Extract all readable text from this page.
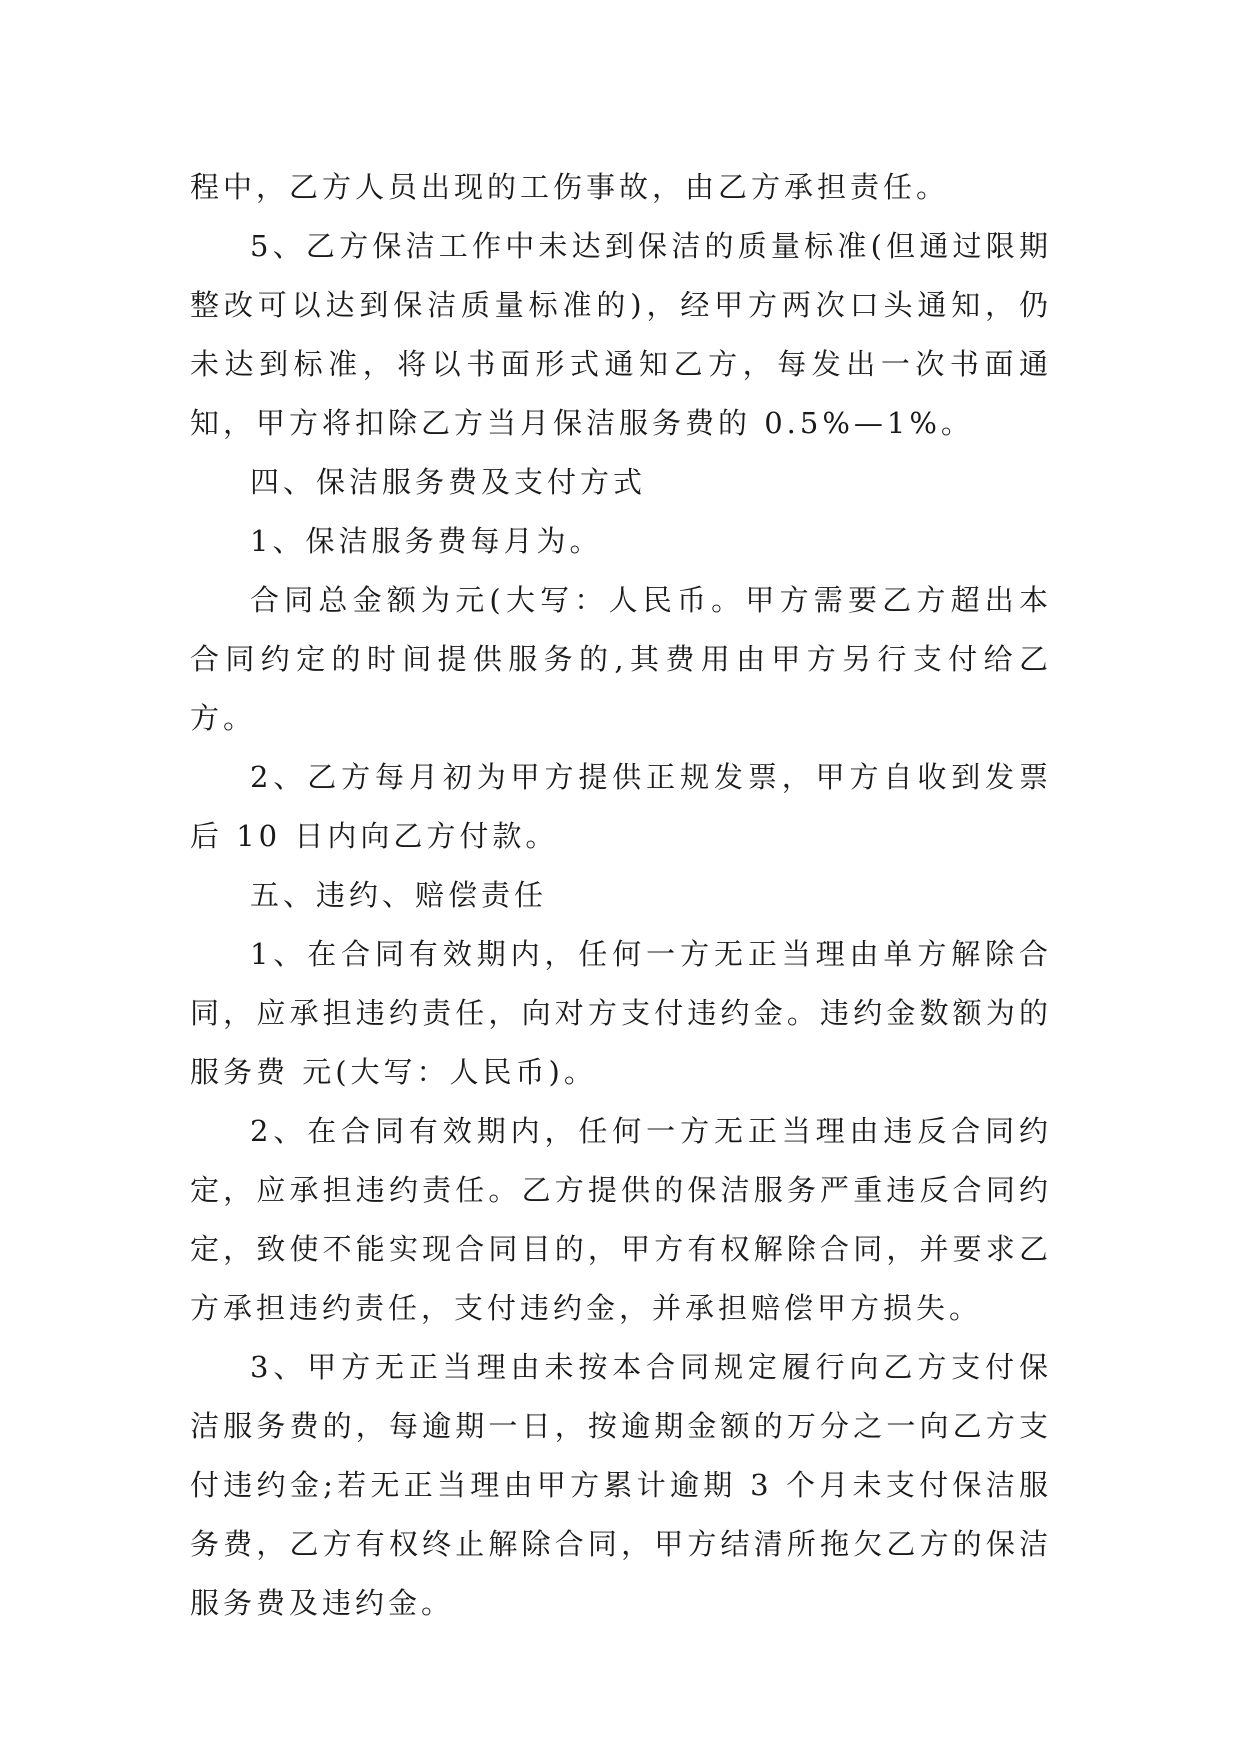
程中，乙方人员出现的工伤事故，由乙方承担责任。

5、乙方保洁工作中未达到保洁的质量标准(但通过限期整改可以达到保洁质量标准的)，经甲方两次口头通知，仍未达到标准，将以书面形式通知乙方，每发出一次书面通知，甲方将扣除乙方当月保洁服务费的 0.5%—1%。

四、保洁服务费及支付方式

1、保洁服务费每月为。

合同总金额为元(大写：人民币。甲方需要乙方超出本合同约定的时间提供服务的,其费用由甲方另行支付给乙方。

2、乙方每月初为甲方提供正规发票，甲方自收到发票后 10 日内向乙方付款。

五、违约、赔偿责任

1、在合同有效期内，任何一方无正当理由单方解除合同，应承担违约责任，向对方支付违约金。违约金数额为的服务费 元(大写：人民币)。

2、在合同有效期内，任何一方无正当理由违反合同约定，应承担违约责任。乙方提供的保洁服务严重违反合同约定，致使不能实现合同目的，甲方有权解除合同，并要求乙方承担违约责任，支付违约金，并承担赔偿甲方损失。

3、甲方无正当理由未按本合同规定履行向乙方支付保洁服务费的，每逾期一日，按逾期金额的万分之一向乙方支付违约金;若无正当理由甲方累计逾期 3 个月未支付保洁服务费，乙方有权终止解除合同，甲方结清所拖欠乙方的保洁服务费及违约金。
